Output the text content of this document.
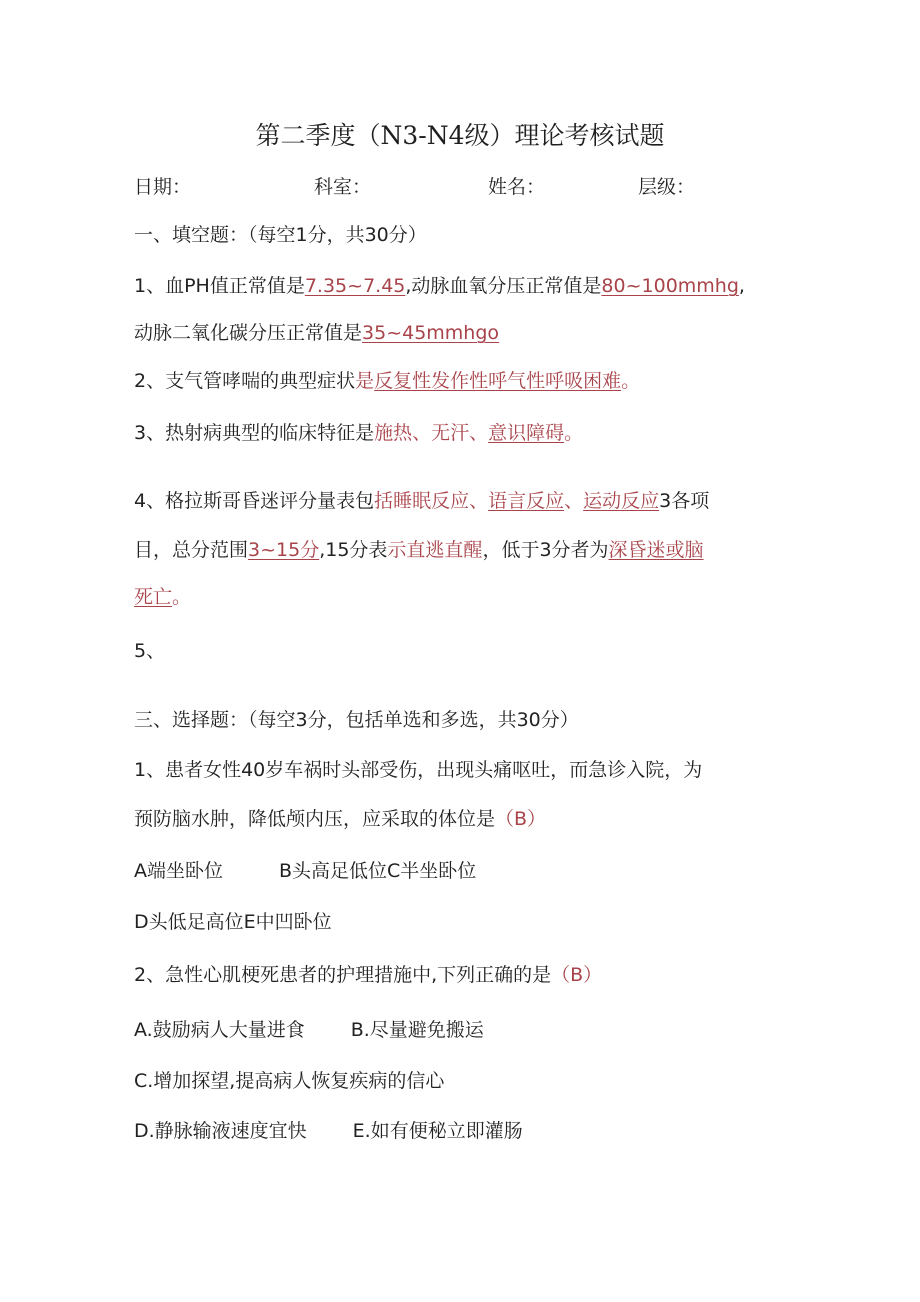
第二季度（N3-N4级）理论考核试题
日期：	科室：	姓名：	层级：
一、填空题：（每空1分，共30分）
1、血PH值正常值是7.35~7.45,动脉血氧分压正常值是80~100mmhg,
动脉二氧化碳分压正常值是35~45mmhgo
2、支气管哮喘的典型症状是反复性发作性呼气性呼吸困难。
3、热射病典型的临床特征是施热、无汗、意识障碍。
4、格拉斯哥昏迷评分量表包括睡眠反应、语言反应、运动反应3各项
目，总分范围3~15分,15分表示直逃直醒，低于3分者为深昏迷或脑
死亡。
5、
三、选择题：（每空3分，包括单选和多选，共30分）
1、患者女性40岁车祸时头部受伤，出现头痛呕吐，而急诊入院，为
预防脑水肿，降低颅内压，应采取的体位是（B）
A端坐卧位	B头高足低位C半坐卧位
D头低足高位E中凹卧位
2、急性心肌梗死患者的护理措施中,下列正确的是（B）
A.鼓励病人大量进食 B.尽量避免搬运
C.增加探望,提高病人恢复疾病的信心
D.静脉输液速度宜快 E.如有便秘立即灌肠
